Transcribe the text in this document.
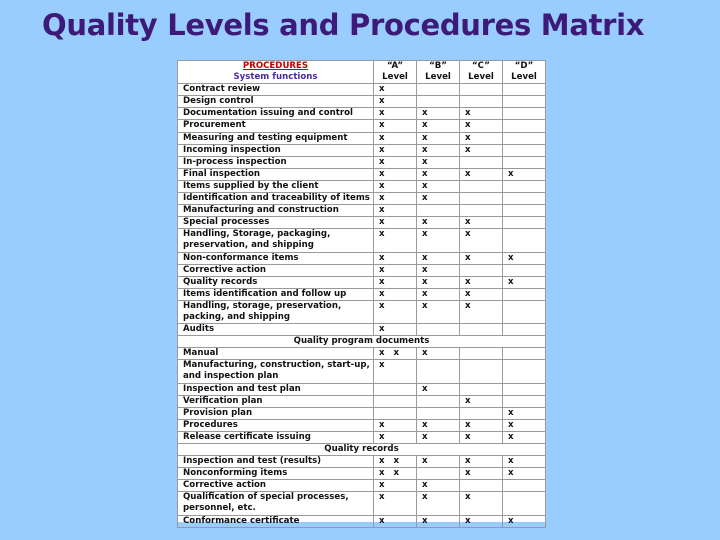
Quality Levels and Procedures Matrix
PROCEDURES
System functions	“A” Level	“B” Level	“C” Level	“D” Level
Contract review	x			
Design control	x			
Documentation issuing and control	x	x	x	
Procurement	x	x	x	
Measuring and testing equipment	x	x	x	
Incoming inspection	x	x	x	
In-process inspection	x	x		
Final inspection	x	x	x	x
Items supplied by the client	x	x		
Identification and traceability of items	x	x		
Manufacturing and construction	x			
Special processes	x	x	x	
Handling, Storage, packaging, preservation, and shipping	x	x	x	
Non-conformance items	x	x	x	x
Corrective action	x	x		
Quality records	x	x	x	x
Items identification and follow up	x	x	x	
Handling, storage, preservation, packing, and shipping	x	x	x	
Audits	x			
Quality program documents				
Manual	x   x	x		
Manufacturing, construction, start-up, and inspection plan	x			
Inspection and test plan		x		
Verification plan			x	
Provision plan				x
Procedures	x	x	x	x
Release certificate issuing	x	x	x	x
Quality records				
Inspection and test (results)	x   x	x	x	x
Nonconforming items	x   x		x	x
Corrective action	x	x		
Qualification of special processes, personnel, etc.	x	x	x	
Conformance certificate	x	x	x	x
